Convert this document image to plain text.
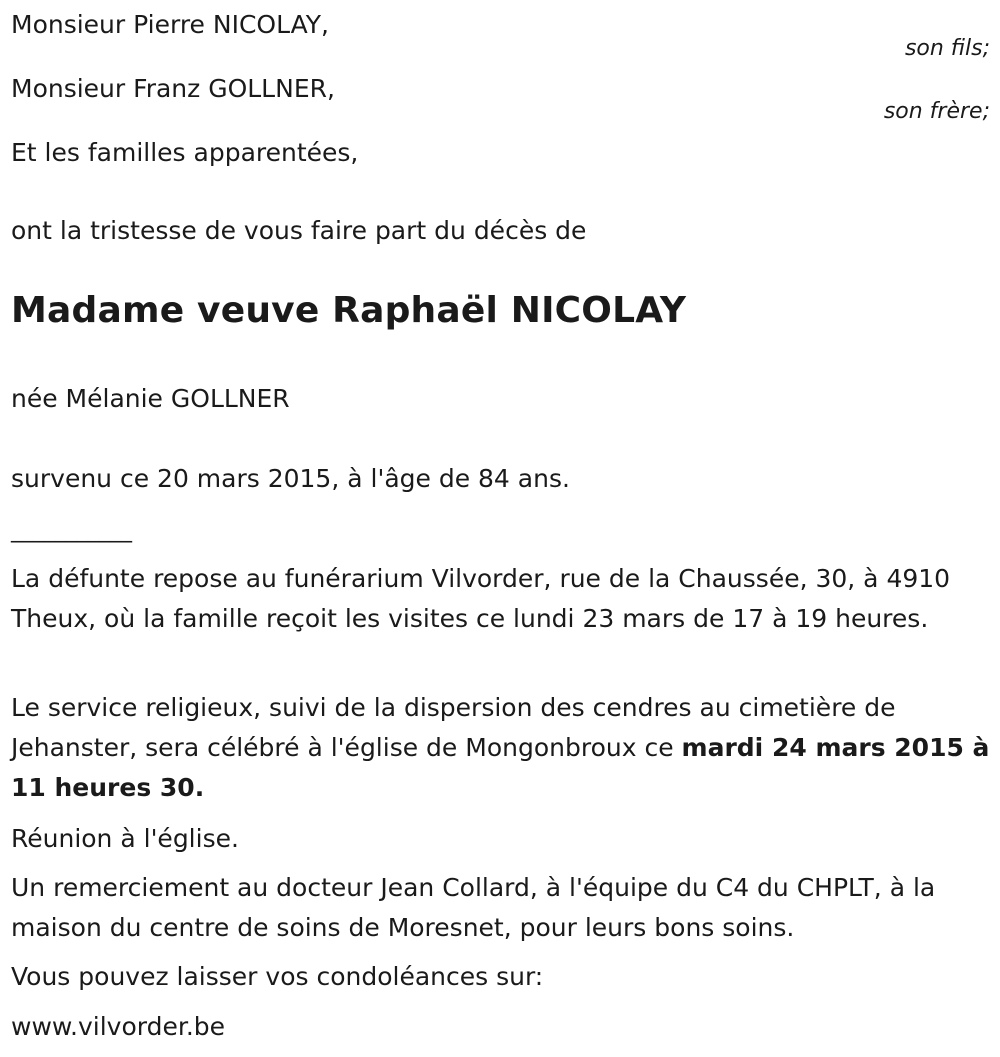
Monsieur Pierre NICOLAY,
son fils;
Monsieur Franz GOLLNER,
son frère;
Et les familles apparentées,
ont la tristesse de vous faire part du décès de
Madame veuve Raphaël NICOLAY
née Mélanie GOLLNER
survenu ce 20 mars 2015, à l'âge de 84 ans.
___________
La défunte repose au funérarium Vilvorder, rue de la Chaussée, 30, à 4910 Theux, où la famille reçoit les visites ce lundi 23 mars de 17 à 19 heures.
Le service religieux, suivi de la dispersion des cendres au cimetière de Jehanster, sera célébré à l'église de Mongonbroux ce mardi 24 mars 2015 à 11 heures 30.
Réunion à l'église.
Un remerciement au docteur Jean Collard, à l'équipe du C4 du CHPLT, à la maison du centre de soins de Moresnet, pour leurs bons soins.
Vous pouvez laisser vos condoléances sur:
www.vilvorder.be
